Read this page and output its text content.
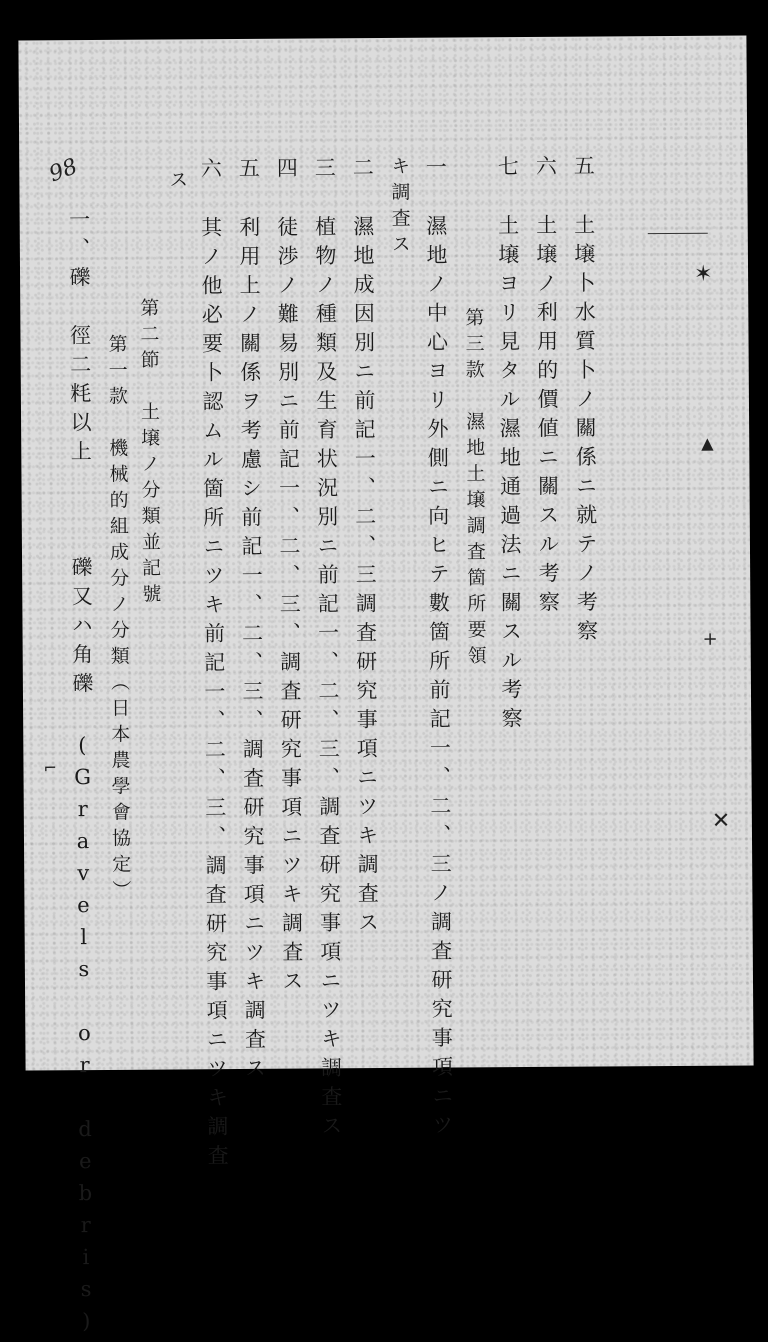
98	五土壌卜水質卜ノ關係ニ就テノ考察
六土壌ノ利用的價値ニ關スル考察
七土壌ヨリ見タル濕地通過法ニ關スル考察
第三款　濕地土壌調査箇所要領
一濕地ノ中心ヨリ外側ニ向ヒテ數箇所前記一、二、三ノ調査研究事項ニツ
キ調査ス
二濕地成因別ニ前記一、二、三調査研究事項ニツキ調査ス
三植物ノ種類及生育状況別ニ前記一、二、三、調査研究事項ニツキ調査ス
四徒渉ノ難易別ニ前記一、二、三、調査研究事項ニツキ調査ス
五利用上ノ關係ヲ考慮シ前記一、二、三、調査研究事項ニツキ調査ス
六其ノ他必要卜認ムル箇所ニツキ前記一、二、三、調査研究事項ニツキ調査
ス
第二節　土壌ノ分類並記號
第一款　機械的組成分ノ分類（日本農學會協定）
一、礫　徑二粍以上　　　礫又ハ角礫 (Gravels or debris)	✶
▲
+
✕
⌐
